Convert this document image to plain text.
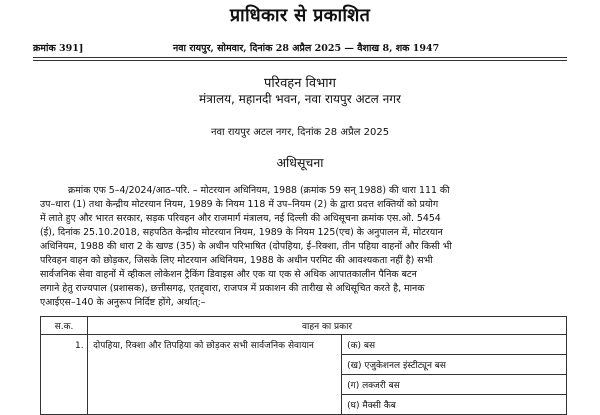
प्राधिकार से प्रकाशित
क्रमांक 391]	नवा रायपुर, सोमवार, दिनांक 28 अप्रैल 2025 — वैशाख 8, शक 1947
परिवहन विभाग
मंत्रालय, महानदी भवन, नवा रायपुर अटल नगर
नवा रायपुर अटल नगर, दिनांक 28 अप्रैल 2025
अधिसूचना
क्रमांक एफ 5–4/2024/आठ–परि. – मोटरयान अधिनियम, 1988 (क्रमांक 59 सन् 1988) की धारा 111 की
उप–धारा (1) तथा केन्द्रीय मोटरयान नियम, 1989 के नियम 118 में उप–नियम (2) के द्वारा प्रदत्त शक्तियों को प्रयोग
में लाते हुए और भारत सरकार, सड़क परिवहन और राजमार्ग मंत्रालय, नई दिल्ली की अधिसूचना क्रमांक एस.ओ. 5454
(ई), दिनांक 25.10.2018, सहपठित केन्द्रीय मोटरयान नियम, 1989 के नियम 125(एच) के अनुपालन में, मोटरयान
अधिनियम, 1988 की धारा 2 के खण्ड (35) के अधीन परिभाषित (दोपहिया, ई–रिक्शा, तीन पहिया वाहनों और किसी भी
परिवहन वाहन को छोड़कर, जिसके लिए मोटरयान अधिनियम, 1988 के अधीन परमिट की आवश्यकता नहीं है) सभी
सार्वजनिक सेवा वाहनों में व्हीकल लोकेशन ट्रैकिंग डिवाइस और एक या एक से अधिक आपातकालीन पैनिक बटन
लगाने हेतु राज्यपाल (प्रशासक), छत्तीसगढ़, एतद्द्वारा, राजपत्र में प्रकाशन की तारीख से अधिसूचित करते है, मानक
एआईएस–140 के अनुरूप निर्दिष्ट होंगे, अर्थात्:–
स.क.	वाहन का प्रकार	
1.	दोपहिया, रिक्शा और तिपहिया को छोड़कर सभी सार्वजनिक सेवायान	(क) बस
		(ख) एजुकेशनल इंस्टीट्यून बस
		(ग) लक्जरी बस
		(घ) मैक्सी कैब
